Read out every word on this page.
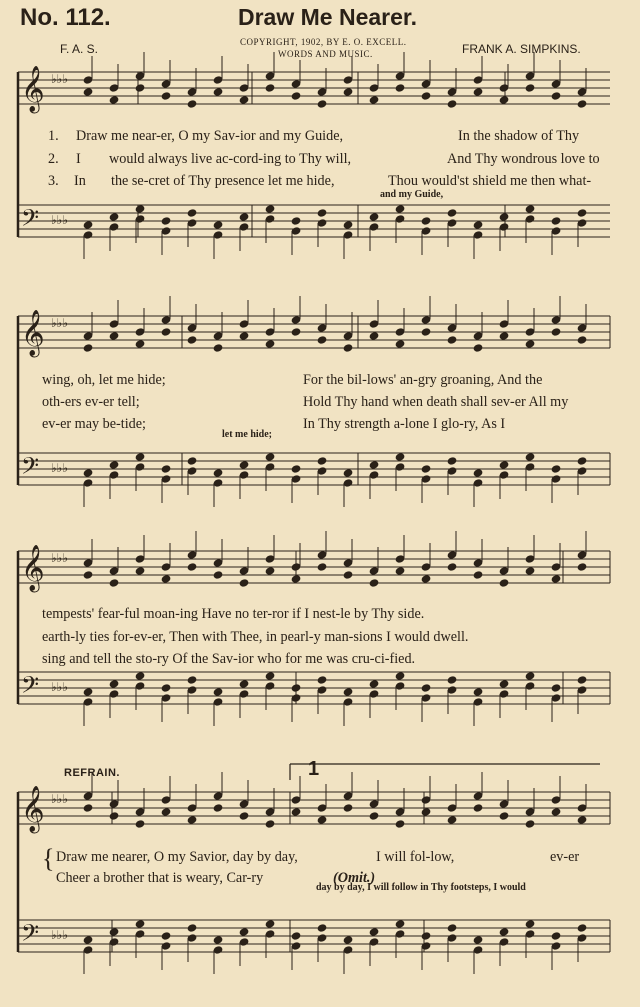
No. 112.	Draw Me Nearer.
COPYRIGHT, 1902, BY E. O. EXCELL.
WORDS AND MUSIC.
F. A. S.	FRANK A. SIMPKINS.
𝄞
𝄢
♭♭♭
♭♭♭
𝄞
𝄢
♭♭♭
♭♭♭
𝄞
𝄢
♭♭♭
♭♭♭
𝄞
𝄢
♭♭♭
♭♭♭
1. Draw me near-er, O my Sav-ior and my Guide,	In the shadow of Thy
2. I would always live ac-cord-ing to Thy will,	And Thy wondrous love to
3. In the se-cret of Thy presence let me hide,	Thou would'st shield me then what-
and my Guide,
wing, oh, let me hide;	For the bil-lows' an-gry groaning, And the
oth-ers ev-er tell;	Hold Thy hand when death shall sev-er All my
ev-er may be-tide;	In Thy strength a-lone I glo-ry, As I
let me hide;
tempests' fear-ful moan-ing Have no ter-ror if I nest-le by Thy side.
earth-ly ties for-ev-er, Then with Thee, in pearl-y man-sions I would dwell.
sing and tell the sto-ry Of the Sav-ior who for me was cru-ci-fied.
REFRAIN.	1
{ Draw me nearer, O my Savior, day by day,	I will fol-low,	ev-er
Cheer a brother that is weary, Car-ry	(Omit.)
day by day, I will follow in Thy footsteps, I would
